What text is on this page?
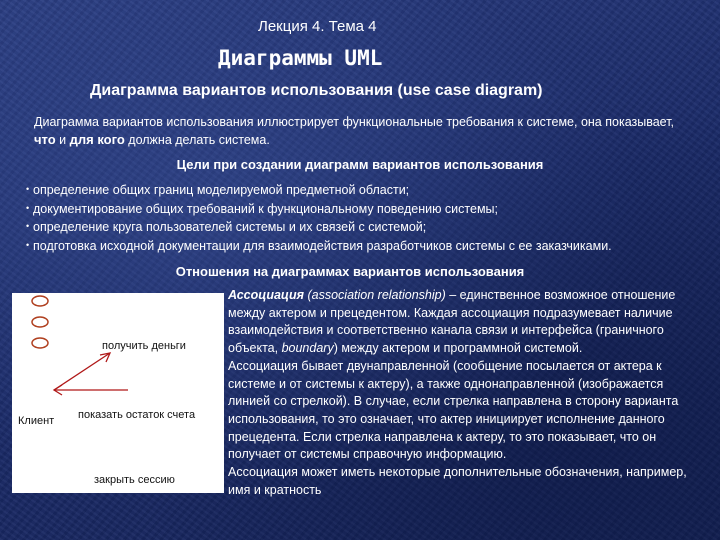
Лекция 4. Тема 4
Диаграммы UML
Диаграмма вариантов использования (use case diagram)
Диаграмма вариантов использования иллюстрирует функциональные требования к системе, она показывает, что и для кого должна делать система.
Цели при создании диаграмм вариантов использования
• определение общих границ моделируемой предметной области;
• документирование общих требований к функциональному поведению системы;
• определение круга пользователей системы и их связей с системой;
• подготовка исходной документации для взаимодействия разработчиков системы с ее заказчиками.
Отношения на диаграммах вариантов использования
получить деньги
показать остаток счета
Клиент
закрыть сессию

Ассоциация (association relationship) – единственное возможное отношение между актером и прецедентом. Каждая ассоциация подразумевает наличие взаимодействия и соответственно канала связи и интерфейса (граничного объекта, boundary) между актером и программной системой.

Ассоциация бывает двунаправленной (сообщение посылается от актера к системе и от системы к актеру), а также однонаправленной (изображается линией со стрелкой). В случае, если стрелка направлена в сторону варианта использования, то это означает, что актер инициирует исполнение данного прецедента. Если стрелка направлена к актеру, то это показывает, что он получает от системы справочную информацию.

Ассоциация может иметь некоторые дополнительные обозначения, например, имя и кратность
